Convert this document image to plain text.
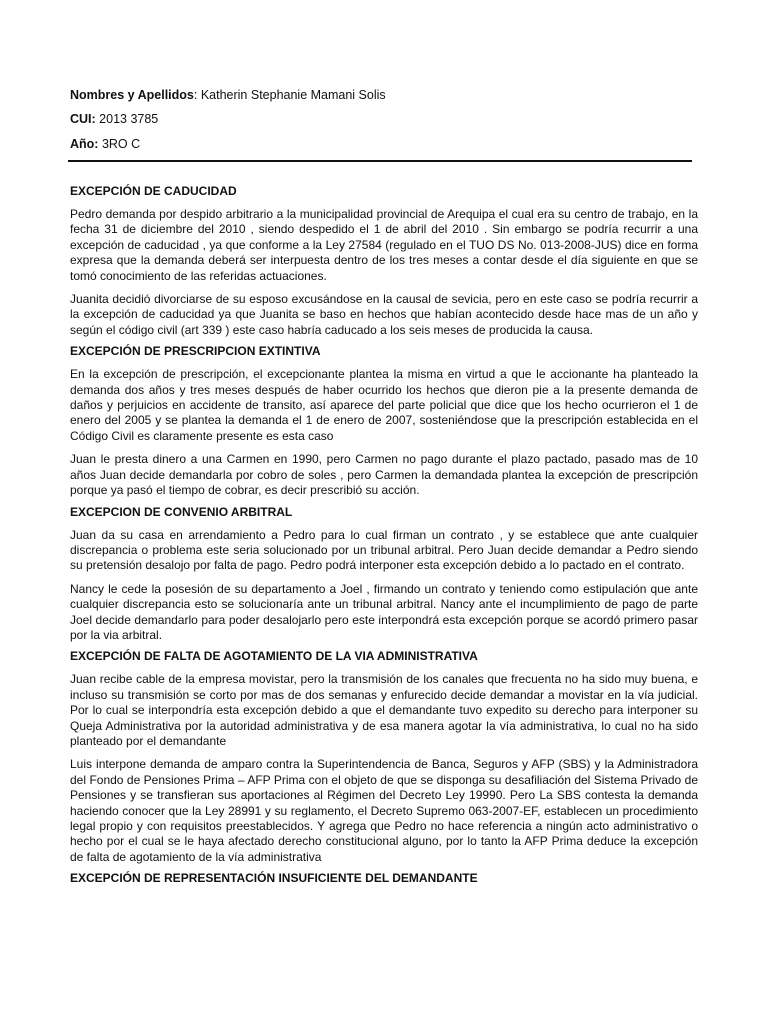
Nombres y Apellidos: Katherin Stephanie Mamani Solis
CUI: 2013 3785
Año: 3RO C
EXCEPCIÓN DE CADUCIDAD

Pedro demanda por despido arbitrario a la municipalidad provincial de Arequipa el cual era su centro de trabajo, en la fecha 31 de diciembre del 2010 , siendo despedido el 1 de abril del 2010 . Sin embargo se podría recurrir a una excepción de caducidad , ya que conforme a la Ley 27584 (regulado en el TUO DS No. 013-2008-JUS) dice en forma expresa que la demanda deberá ser interpuesta dentro de los tres meses a contar desde el día siguiente en que se tomó conocimiento de las referidas actuaciones.

Juanita decidió divorciarse de su esposo excusándose en la causal de sevicia, pero en este caso se podría recurrir a la excepción de caducidad ya que Juanita se baso en hechos que habían acontecido desde hace mas de un año y según el código civil (art 339 ) este caso habría caducado a los seis meses de producida la causa.

EXCEPCIÓN DE PRESCRIPCION EXTINTIVA

En la excepción de prescripción, el excepcionante plantea la misma en virtud a que le accionante ha planteado la demanda dos años y tres meses después de haber ocurrido los hechos que dieron pie a la presente demanda de daños y perjuicios en accidente de transito, así aparece del parte policial que dice que los hecho ocurrieron el 1 de enero del 2005 y se plantea la demanda el 1 de enero de 2007, sosteniéndose que la prescripción establecida en el Código Civil es claramente presente es esta caso

Juan le presta dinero a una Carmen en 1990, pero Carmen no pago durante el plazo pactado, pasado mas de 10 años Juan decide demandarla por cobro de soles , pero Carmen la demandada plantea la excepción de prescripción porque ya pasó el tiempo de cobrar, es decir prescribió su acción.

EXCEPCION DE CONVENIO ARBITRAL

Juan da su casa en arrendamiento a Pedro para lo cual firman un contrato , y se establece que ante cualquier discrepancia o problema este seria solucionado por un tribunal arbitral. Pero Juan decide demandar a Pedro siendo su pretensión desalojo por falta de pago. Pedro podrá interponer esta excepción debido a lo pactado en el contrato.

Nancy le cede la posesión de su departamento a Joel , firmando un contrato y teniendo como estipulación que ante cualquier discrepancia esto se solucionaría ante un tribunal arbitral. Nancy ante el incumplimiento de pago de parte Joel decide demandarlo para poder desalojarlo pero este interpondrá esta excepción porque se acordó primero pasar por la via arbitral.

EXCEPCIÓN DE FALTA DE AGOTAMIENTO DE LA VIA ADMINISTRATIVA

Juan recibe cable de la empresa movistar, pero la transmisión de los canales que frecuenta no ha sido muy buena, e incluso su transmisión se corto por mas de dos semanas y enfurecido decide demandar a movistar en la vía judicial. Por lo cual se interpondría esta excepción debido a que el demandante tuvo expedito su derecho para interponer su Queja Administrativa por la autoridad administrativa y de esa manera agotar la vía administrativa, lo cual no ha sido planteado por el demandante

Luis interpone demanda de amparo contra la Superintendencia de Banca, Seguros y AFP (SBS) y la Administradora del Fondo de Pensiones Prima – AFP Prima con el objeto de que se disponga su desafiliación del Sistema Privado de Pensiones y se transfieran sus aportaciones al Régimen del Decreto Ley 19990. Pero La SBS contesta la demanda haciendo conocer que la Ley 28991 y su reglamento, el Decreto Supremo 063-2007-EF, establecen un procedimiento legal propio y con requisitos preestablecidos. Y agrega que Pedro no hace referencia a ningún acto administrativo o hecho por el cual se le haya afectado derecho constitucional alguno, por lo tanto la AFP Prima deduce la excepción de falta de agotamiento de la vía administrativa

EXCEPCIÓN DE REPRESENTACIÓN INSUFICIENTE DEL DEMANDANTE
